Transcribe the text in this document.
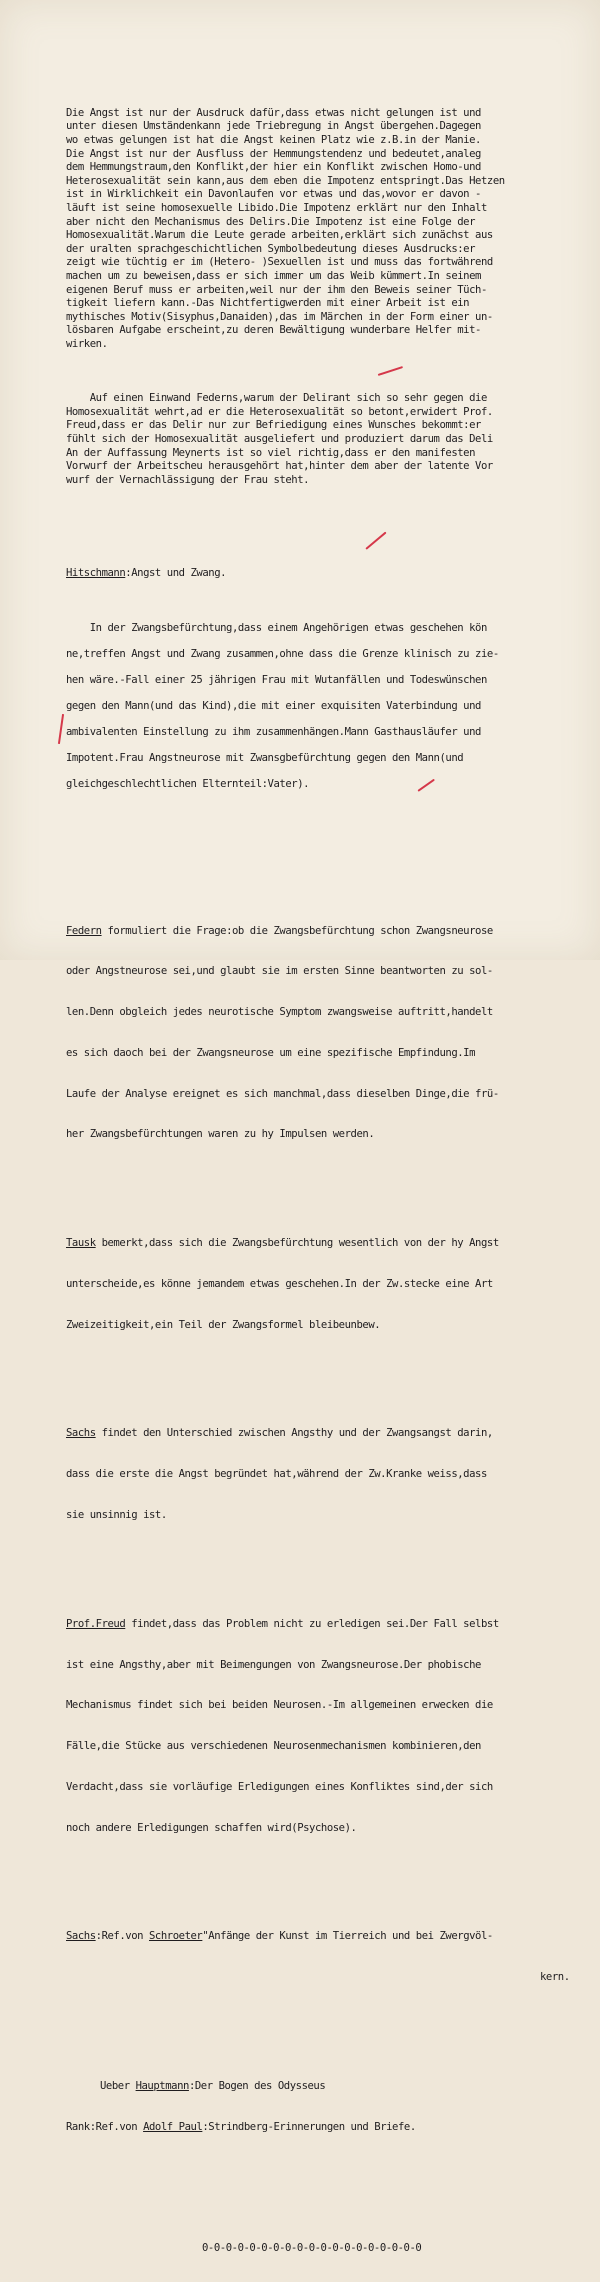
Die Angst ist nur der Ausdruck dafür,dass etwas nicht gelungen ist und
unter diesen Umständenkann jede Triebregung in Angst übergehen.Dagegen
wo etwas gelungen ist hat die Angst keinen Platz wie z.B.in der Manie.
Die Angst ist nur der Ausfluss der Hemmungstendenz und bedeutet,analeg
dem Hemmungstraum,den Konflikt,der hier ein Konflikt zwischen Homo-und
Heterosexualität sein kann,aus dem eben die Impotenz entspringt.Das Hetzen
ist in Wirklichkeit ein Davonlaufen vor etwas und das,wovor er davon -
läuft ist seine homosexuelle Libido.Die Impotenz erklärt nur den Inhalt
aber nicht den Mechanismus des Delirs.Die Impotenz ist eine Folge der
Homosexualität.Warum die Leute gerade arbeiten,erklärt sich zunächst aus
der uralten sprachgeschichtlichen Symbolbedeutung dieses Ausdrucks:er
zeigt wie tüchtig er im (Hetero- )Sexuellen ist und muss das fortwährend
machen um zu beweisen,dass er sich immer um das Weib kümmert.In seinem
eigenen Beruf muss er arbeiten,weil nur der ihm den Beweis seiner Tüch-
tigkeit liefern kann.-Das Nichtfertigwerden mit einer Arbeit ist ein
mythisches Motiv(Sisyphus,Danaiden),das im Märchen in der Form einer un-
lösbaren Aufgabe erscheint,zu deren Bewältigung wunderbare Helfer mit-
wirken.

Auf einen Einwand Federns,warum der Delirant sich so sehr gegen die
Homosexualität wehrt,ad er die Heterosexualität so betont,erwidert Prof.
Freud,dass er das Delir nur zur Befriedigung eines Wunsches bekommt:er
fühlt sich der Homosexualität ausgeliefert und produziert darum das Deli
An der Auffassung Meynerts ist so viel richtig,dass er den manifesten
Vorwurf der Arbeitscheu herausgehört hat,hinter dem aber der latente Vor
wurf der Vernachlässigung der Frau steht.

Hitschmann:Angst und Zwang.

In der Zwangsbefürchtung,dass einem Angehörigen etwas geschehen kön
ne,treffen Angst und Zwang zusammen,ohne dass die Grenze klinisch zu zie-
hen wäre.-Fall einer 25 jährigen Frau mit Wutanfällen und Todeswünschen
gegen den Mann(und das Kind),die mit einer exquisiten Vaterbindung und
ambivalenten Einstellung zu ihm zusammenhängen.Mann Gasthausläufer und
Impotent.Frau Angstneurose mit Zwansgbefürchtung gegen den Mann(und
gleichgeschlechtlichen Elternteil:Vater).

Federn formuliert die Frage:ob die Zwangsbefürchtung schon Zwangsneurose

oder Angstneurose sei,und glaubt sie im ersten Sinne beantworten zu sol-

len.Denn obgleich jedes neurotische Symptom zwangsweise auftritt,handelt

es sich daoch bei der Zwangsneurose um eine spezifische Empfindung.Im

Laufe der Analyse ereignet es sich manchmal,dass dieselben Dinge,die frü-

her Zwangsbefürchtungen waren zu hy Impulsen werden.

Tausk bemerkt,dass sich die Zwangsbefürchtung wesentlich von der hy Angst

unterscheide,es könne jemandem etwas geschehen.In der Zw.stecke eine Art

Zweizeitigkeit,ein Teil der Zwangsformel bleibeunbew.

Sachs findet den Unterschied zwischen Angsthy und der Zwangsangst darin,

dass die erste die Angst begründet hat,während der Zw.Kranke weiss,dass

sie unsinnig ist.

Prof.Freud findet,dass das Problem nicht zu erledigen sei.Der Fall selbst

ist eine Angsthy,aber mit Beimengungen von Zwangsneurose.Der phobische

Mechanismus findet sich bei beiden Neurosen.-Im allgemeinen erwecken die

Fälle,die Stücke aus verschiedenen Neurosenmechanismen kombinieren,den

Verdacht,dass sie vorläufige Erledigungen eines Konfliktes sind,der sich

noch andere Erledigungen schaffen wird(Psychose).

Sachs:Ref.von Schroeter"Anfänge der Kunst im Tierreich und bei Zwergvöl-

kern.

Ueber Hauptmann:Der Bogen des Odysseus

Rank:Ref.von Adolf Paul:Strindberg-Erinnerungen und Briefe.

0-0-0-0-0-0-0-0-0-0-0-0-0-0-0-0-0-0-0
